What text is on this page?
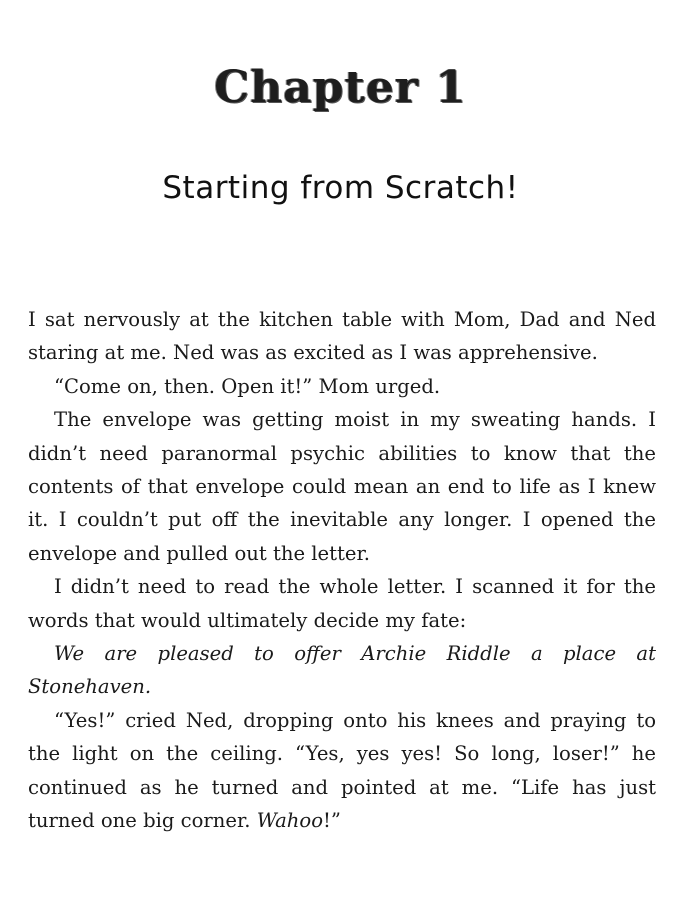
Chapter 1
Starting from Scratch!

I sat nervously at the kitchen table with Mom, Dad and Ned staring at me. Ned was as excited as I was apprehensive.

“Come on, then. Open it!” Mom urged.

The envelope was getting moist in my sweating hands. I didn’t need paranormal psychic abilities to know that the contents of that envelope could mean an end to life as I knew it. I couldn’t put off the inevitable any longer. I opened the envelope and pulled out the letter.

I didn’t need to read the whole letter. I scanned it for the words that would ultimately decide my fate:

We are pleased to offer Archie Riddle a place at Stonehaven.

“Yes!” cried Ned, dropping onto his knees and praying to the light on the ceiling. “Yes, yes yes! So long, loser!” he continued as he turned and pointed at me. “Life has just turned one big corner. Wahoo!”
